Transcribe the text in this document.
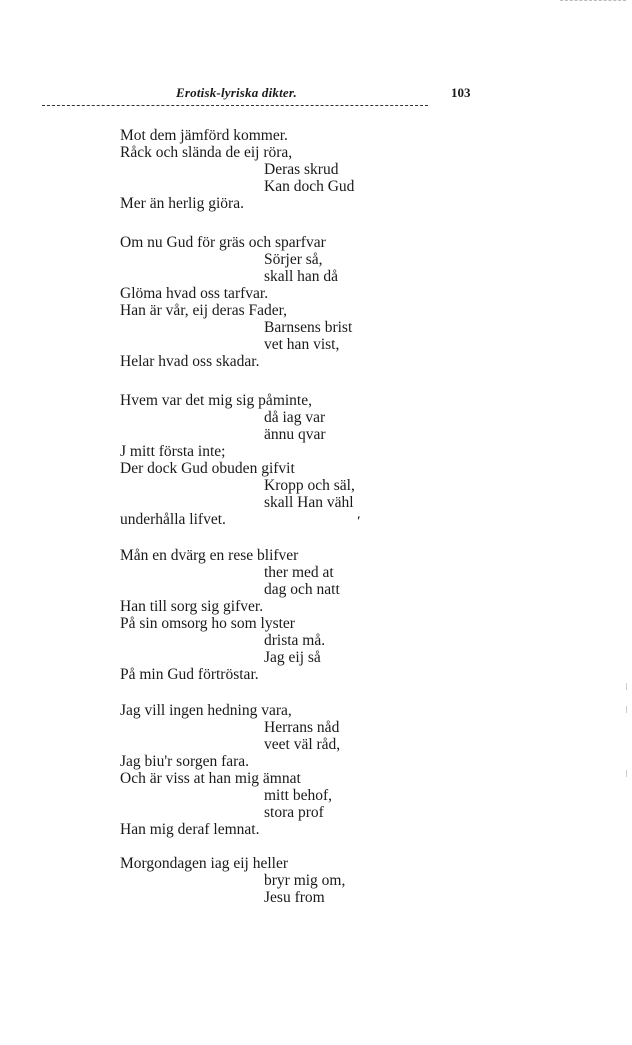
Erotisk-lyriska dikter.	103
Mot dem jämförd kommer.
Råck och slända de eij röra,
Deras skrud
Kan doch Gud
Mer än herlig giöra.
Om nu Gud för gräs och sparfvar
Sörjer så,
skall han då
Glöma hvad oss tarfvar.
Han är vår, eij deras Fader,
Barnsens brist
vet han vist,
Helar hvad oss skadar.
Hvem var det mig sig påminte,
då iag var
ännu qvar
J mitt första inte;
Der dock Gud obuden gifvit
Kropp och säl,
skall Han vähl
underhålla lifvet.
Mån en dvärg en rese blifver
ther med at
dag och natt
Han till sorg sig gifver.
På sin omsorg ho som lyster
drista må.
Jag eij så
På min Gud förtröstar.
Jag vill ingen hedning vara,
Herrans nåd
veet väl råd,
Jag biu'r sorgen fara.
Och är viss at han mig ämnat
mitt behof,
stora prof
Han mig deraf lemnat.
Morgondagen iag eij heller
bryr mig om,
Jesu from
ʹ
